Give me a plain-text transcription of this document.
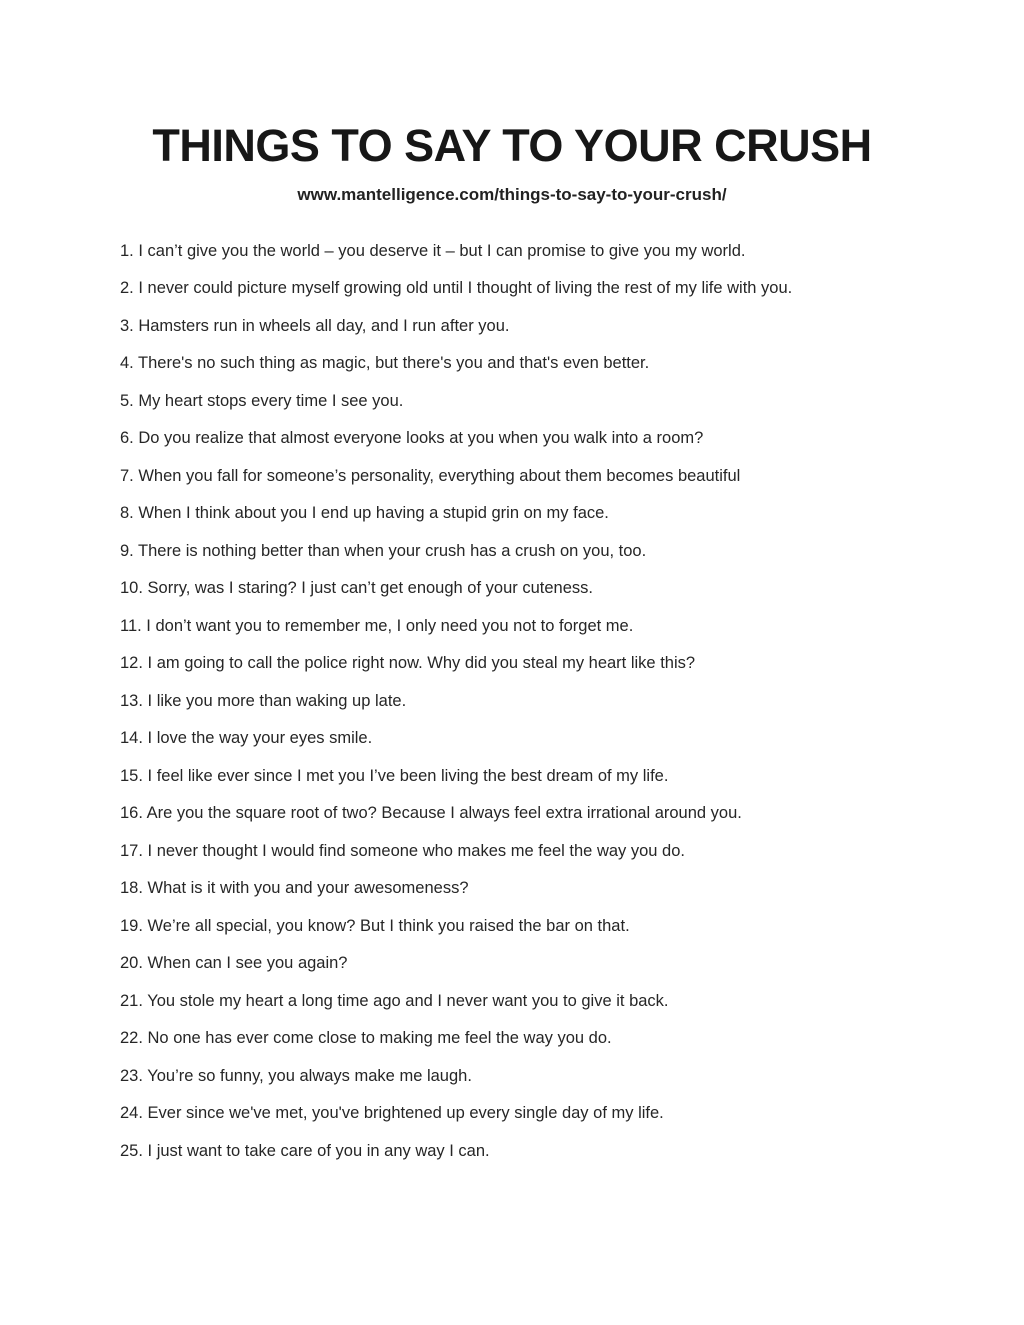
THINGS TO SAY TO YOUR CRUSH
www.mantelligence.com/things-to-say-to-your-crush/

1. I can’t give you the world – you deserve it – but I can promise to give you my world.

2. I never could picture myself growing old until I thought of living the rest of my life with you.

3. Hamsters run in wheels all day, and I run after you.

4. There's no such thing as magic, but there's you and that's even better.

5. My heart stops every time I see you.

6. Do you realize that almost everyone looks at you when you walk into a room?

7. When you fall for someone’s personality, everything about them becomes beautiful

8. When I think about you I end up having a stupid grin on my face.

9. There is nothing better than when your crush has a crush on you, too.

10. Sorry, was I staring? I just can’t get enough of your cuteness.

11. I don’t want you to remember me, I only need you not to forget me.

12. I am going to call the police right now. Why did you steal my heart like this?

13. I like you more than waking up late.

14. I love the way your eyes smile.

15. I feel like ever since I met you I’ve been living the best dream of my life.

16. Are you the square root of two? Because I always feel extra irrational around you.

17. I never thought I would find someone who makes me feel the way you do.

18. What is it with you and your awesomeness?

19. We’re all special, you know? But I think you raised the bar on that.

20. When can I see you again?

21. You stole my heart a long time ago and I never want you to give it back.

22. No one has ever come close to making me feel the way you do.

23. You’re so funny, you always make me laugh.

24. Ever since we've met, you've brightened up every single day of my life.

25. I just want to take care of you in any way I can.
